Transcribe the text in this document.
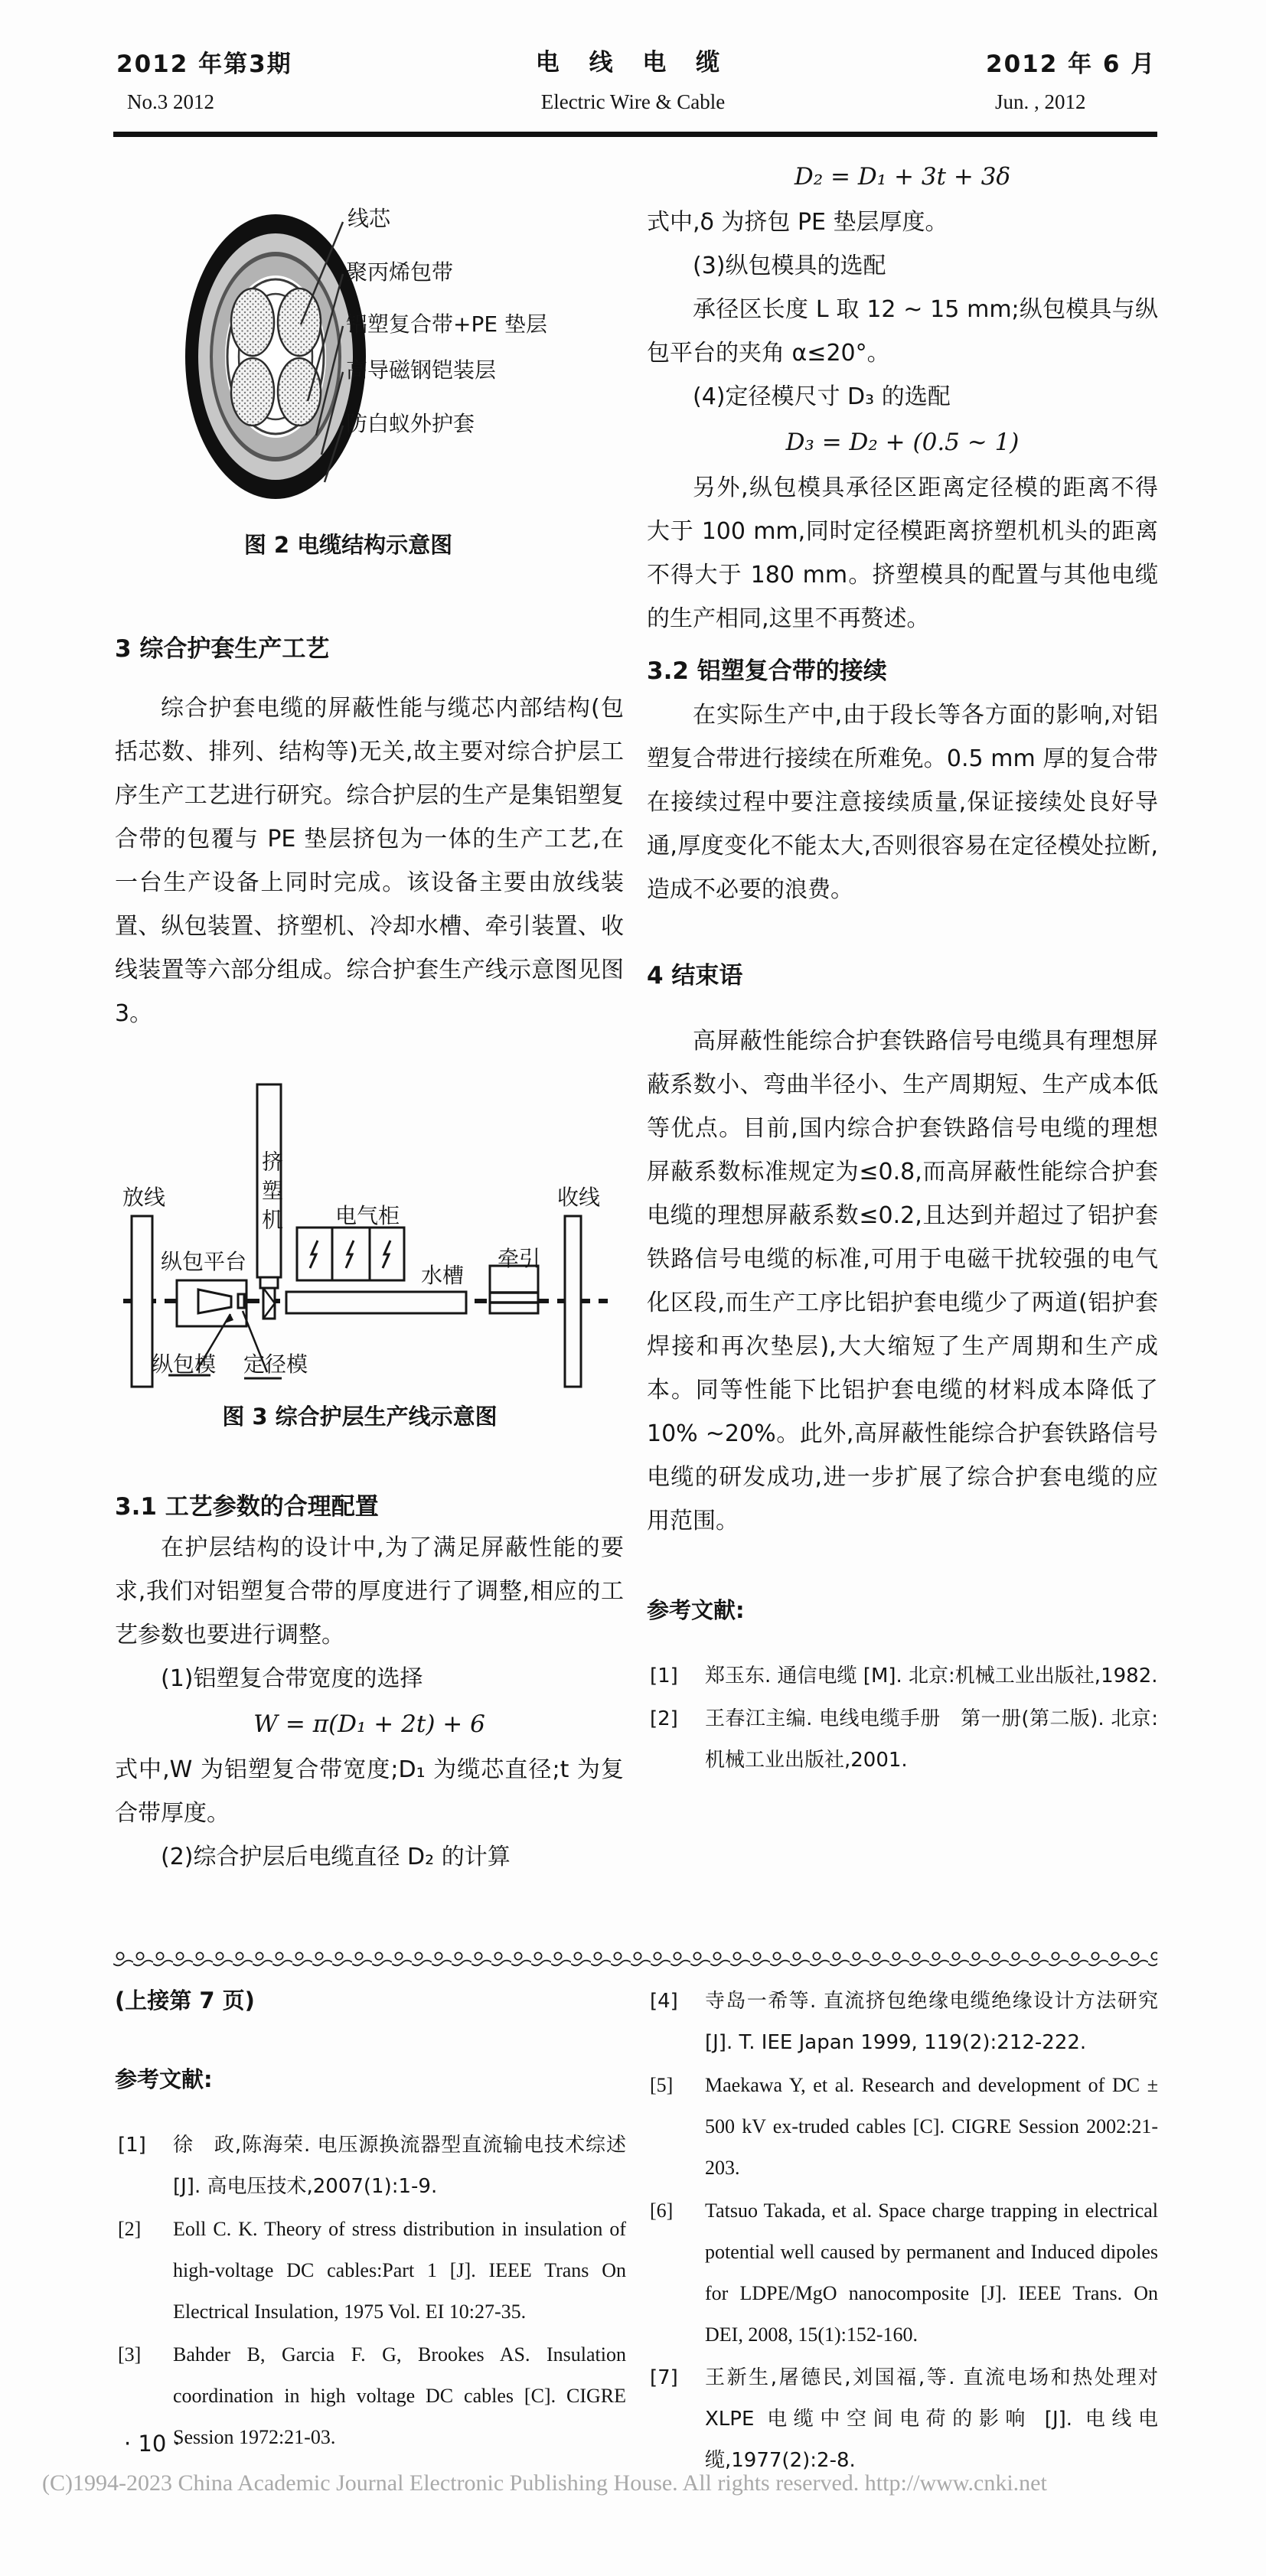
2012 年第3期
No.3 2012
电 线 电 缆
Electric Wire & Cable
2012 年 6 月
Jun. , 2012
线芯
聚丙烯包带
铝塑复合带+PE 垫层
高导磁钢铠装层
防白蚁外护套
图 2 电缆结构示意图
3 综合护套生产工艺
综合护套电缆的屏蔽性能与缆芯内部结构(包括芯数、排列、结构等)无关,故主要对综合护层工序生产工艺进行研究。综合护层的生产是集铝塑复合带的包覆与 PE 垫层挤包为一体的生产工艺,在一台生产设备上同时完成。该设备主要由放线装置、纵包装置、挤塑机、冷却水槽、牵引装置、收线装置等六部分组成。综合护套生产线示意图见图 3。
放线	挤塑机
纵包平台
电气柜
水槽
牵引
收线
纵包模 定径模
图 3 综合护层生产线示意图
3.1 工艺参数的合理配置
在护层结构的设计中,为了满足屏蔽性能的要求,我们对铝塑复合带的厚度进行了调整,相应的工艺参数也要进行调整。
(1)铝塑复合带宽度的选择
W = π(D₁ + 2t) + 6
式中,W 为铝塑复合带宽度;D₁ 为缆芯直径;t 为复合带厚度。
(2)综合护层后电缆直径 D₂ 的计算
D₂ = D₁ + 3t + 3δ
式中,δ 为挤包 PE 垫层厚度。
(3)纵包模具的选配
承径区长度 L 取 12 ~ 15 mm;纵包模具与纵包平台的夹角 α≤20°。
(4)定径模尺寸 D₃ 的选配
D₃ = D₂ + (0.5 ~ 1)
另外,纵包模具承径区距离定径模的距离不得大于 100 mm,同时定径模距离挤塑机机头的距离不得大于 180 mm。挤塑模具的配置与其他电缆的生产相同,这里不再赘述。
3.2 铝塑复合带的接续
在实际生产中,由于段长等各方面的影响,对铝塑复合带进行接续在所难免。0.5 mm 厚的复合带在接续过程中要注意接续质量,保证接续处良好导通,厚度变化不能太大,否则很容易在定径模处拉断,造成不必要的浪费。
4 结束语
高屏蔽性能综合护套铁路信号电缆具有理想屏蔽系数小、弯曲半径小、生产周期短、生产成本低等优点。目前,国内综合护套铁路信号电缆的理想屏蔽系数标准规定为≤0.8,而高屏蔽性能综合护套电缆的理想屏蔽系数≤0.2,且达到并超过了铝护套铁路信号电缆的标准,可用于电磁干扰较强的电气化区段,而生产工序比铝护套电缆少了两道(铝护套焊接和再次垫层),大大缩短了生产周期和生产成本。同等性能下比铝护套电缆的材料成本降低了 10% ~20%。此外,高屏蔽性能综合护套铁路信号电缆的研发成功,进一步扩展了综合护套电缆的应用范围。
参考文献:
[1] 郑玉东. 通信电缆 [M]. 北京:机械工业出版社,1982.
[2] 王春江主编. 电线电缆手册　第一册(第二版). 北京:机械工业出版社,2001.
(上接第 7 页)
参考文献:
[1] 徐　政,陈海荣. 电压源换流器型直流输电技术综述 [J]. 高电压技术,2007(1):1-9.
[2] Eoll C. K. Theory of stress distribution in insulation of high-voltage DC cables:Part 1 [J]. IEEE Trans On Electrical Insulation, 1975 Vol. EI 10:27-35.
[3] Bahder B, Garcia F. G, Brookes AS. Insulation coordination in high voltage DC cables [C]. CIGRE Session 1972:21-03.
[4] 寺岛一希等. 直流挤包绝缘电缆绝缘设计方法研究 [J]. T. IEE Japan 1999, 119(2):212-222.
[5] Maekawa Y, et al. Research and development of DC ± 500 kV ex-truded cables [C]. CIGRE Session 2002:21-203.
[6] Tatsuo Takada, et al. Space charge trapping in electrical potential well caused by permanent and Induced dipoles for LDPE/MgO nanocomposite [J]. IEEE Trans. On DEI, 2008, 15(1):152-160.
[7] 王新生,屠德民,刘国福,等. 直流电场和热处理对 XLPE 电缆中空间电荷的影响 [J]. 电线电缆,1977(2):2-8.
· 10 ·
(C)1994-2023 China Academic Journal Electronic Publishing House. All rights reserved. http://www.cnki.net
